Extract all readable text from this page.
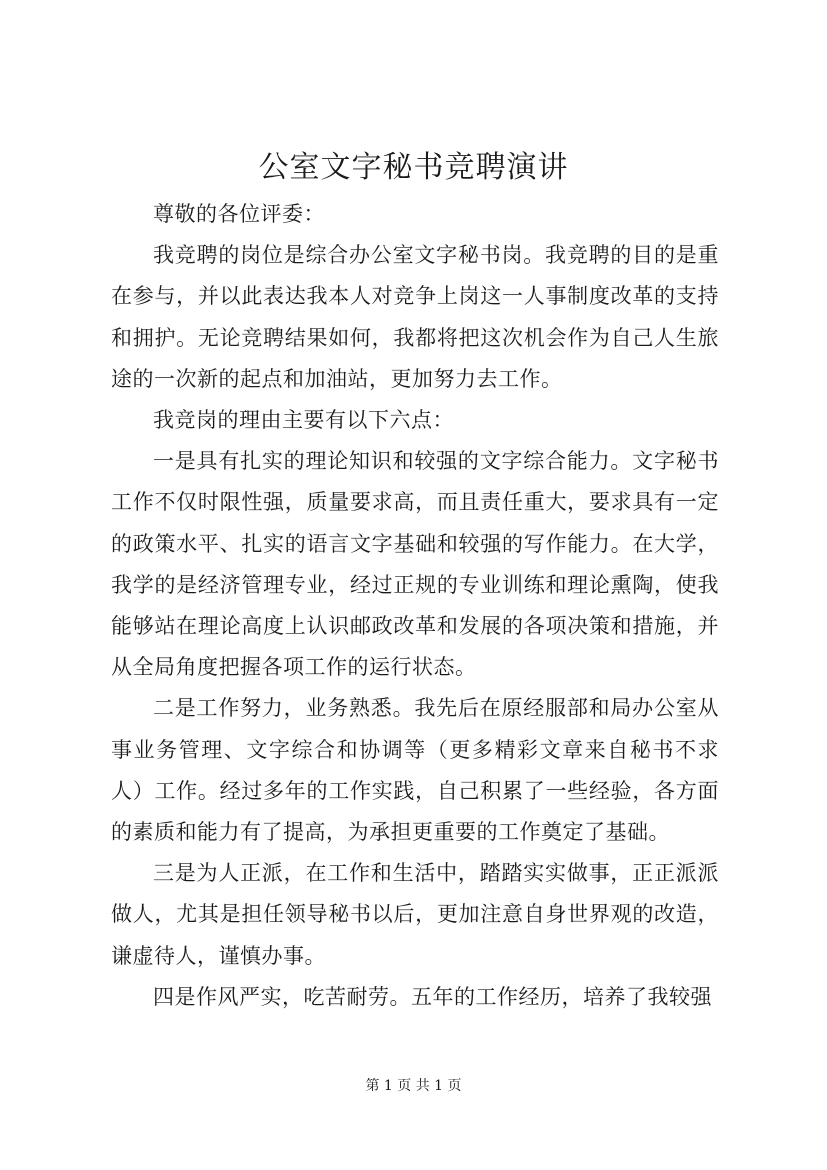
公室文字秘书竞聘演讲

尊敬的各位评委：

我竞聘的岗位是综合办公室文字秘书岗。我竞聘的目的是重在参与，并以此表达我本人对竞争上岗这一人事制度改革的支持和拥护。无论竞聘结果如何，我都将把这次机会作为自己人生旅途的一次新的起点和加油站，更加努力去工作。

我竞岗的理由主要有以下六点：

一是具有扎实的理论知识和较强的文字综合能力。文字秘书工作不仅时限性强，质量要求高，而且责任重大，要求具有一定的政策水平、扎实的语言文字基础和较强的写作能力。在大学，我学的是经济管理专业，经过正规的专业训练和理论熏陶，使我能够站在理论高度上认识邮政改革和发展的各项决策和措施，并从全局角度把握各项工作的运行状态。

二是工作努力，业务熟悉。我先后在原经服部和局办公室从事业务管理、文字综合和协调等（更多精彩文章来自秘书不求人）工作。经过多年的工作实践，自己积累了一些经验，各方面的素质和能力有了提高，为承担更重要的工作奠定了基础。

三是为人正派，在工作和生活中，踏踏实实做事，正正派派做人，尤其是担任领导秘书以后，更加注意自身世界观的改造，谦虚待人，谨慎办事。

四是作风严实，吃苦耐劳。五年的工作经历，培养了我较强

第 1 页 共 1 页
